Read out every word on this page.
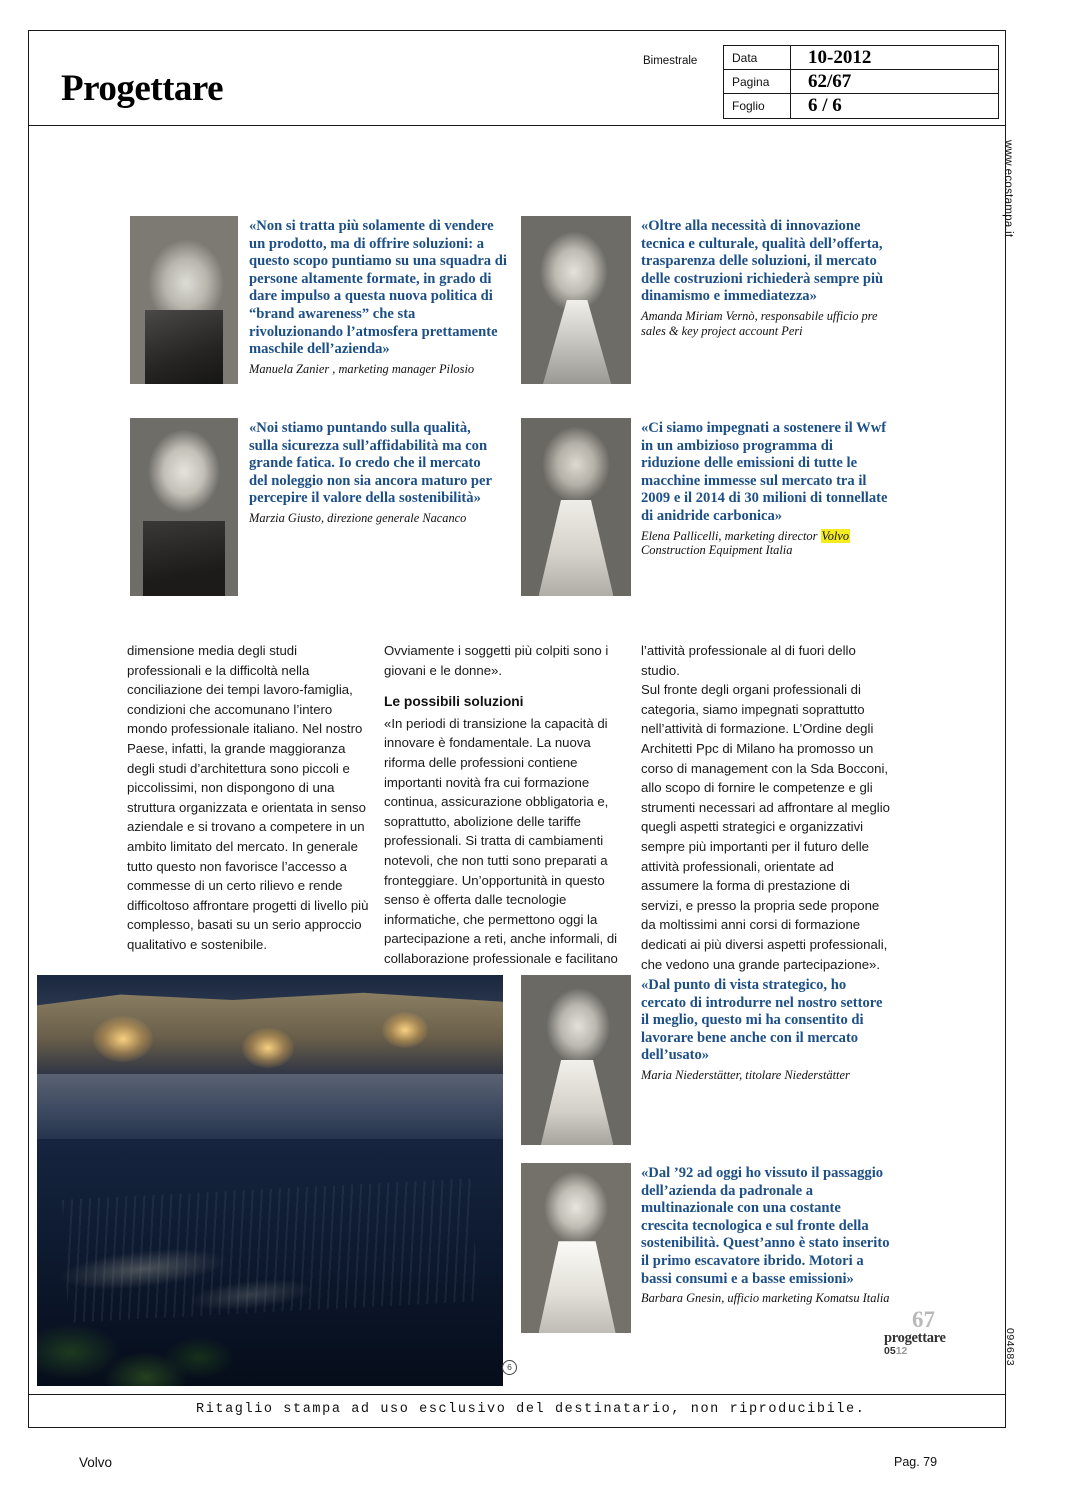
Progettare
Bimestrale	Data	10-2012
Pagina 62/67
Foglio 6 / 6
www.ecostampa.it
094683
«Non si tratta più solamente di vendere un prodotto, ma di offrire soluzioni: a questo scopo puntiamo su una squadra di persone altamente formate, in grado di dare impulso a questa nuova politica di “brand awareness” che sta rivoluzionando l’atmosfera prettamente maschile dell’azienda»
Manuela Zanier , marketing manager Pilosio
«Oltre alla necessità di innovazione tecnica e culturale, qualità dell’offerta, trasparenza delle soluzioni, il mercato delle costruzioni richiederà sempre più dinamismo e immediatezza»
Amanda Miriam Vernò, responsabile ufficio pre sales & key project account Peri
«Noi stiamo puntando sulla qualità, sulla sicurezza sull’affidabilità ma con grande fatica. Io credo che il mercato del noleggio non sia ancora maturo per percepire il valore della sostenibilità»
Marzia Giusto, direzione generale Nacanco
«Ci siamo impegnati a sostenere il Wwf in un ambizioso programma di riduzione delle emissioni di tutte le macchine immesse sul mercato tra il 2009 e il 2014 di 30 milioni di tonnellate di anidride carbonica»
Elena Pallicelli, marketing director Volvo Construction Equipment Italia
«Dal punto di vista strategico, ho cercato di introdurre nel nostro settore il meglio, questo mi ha consentito di lavorare bene anche con il mercato dell’usato»
Maria Niederstätter, titolare Niederstätter
«Dal ’92 ad oggi ho vissuto il passaggio dell’azienda da padronale a multinazionale con una costante crescita tecnologica e sul fronte della sostenibilità. Quest’anno è stato inserito il primo escavatore ibrido. Motori a bassi consumi e a basse emissioni»
Barbara Gnesin, ufficio marketing Komatsu Italia

dimensione media degli studi professionali e la difficoltà nella conciliazione dei tempi lavoro-famiglia, condizioni che accomunano l’intero mondo professionale italiano. Nel nostro Paese, infatti, la grande maggioranza degli studi d’architettura sono piccoli e piccolissimi, non dispongono di una struttura organizzata e orientata in senso aziendale e si trovano a competere in un ambito limitato del mercato. In generale tutto questo non favorisce l’accesso a commesse di un certo rilievo e rende difficoltoso affrontare progetti di livello più complesso, basati su un serio approccio qualitativo e sostenibile.

Ovviamente i soggetti più colpiti sono i giovani e le donne».

Le possibili soluzioni

«In periodi di transizione la capacità di innovare è fondamentale. La nuova riforma delle professioni contiene importanti novità fra cui formazione continua, assicurazione obbligatoria e, soprattutto, abolizione delle tariffe professionali. Si tratta di cambiamenti notevoli, che non tutti sono preparati a fronteggiare. Un’opportunità in questo senso è offerta dalle tecnologie informatiche, che permettono oggi la partecipazione a reti, anche informali, di collaborazione professionale e facilitano

l’attività professionale al di fuori dello studio.
Sul fronte degli organi professionali di categoria, siamo impegnati soprattutto nell’attività di formazione. L’Ordine degli Architetti Ppc di Milano ha promosso un corso di management con la Sda Bocconi, allo scopo di fornire le competenze e gli strumenti necessari ad affrontare al meglio quegli aspetti strategici e organizzativi sempre più importanti per il futuro delle attività professionali, orientate ad assumere la forma di prestazione di servizi, e presso la propria sede propone da moltissimi anni corsi di formazione dedicati ai più diversi aspetti professionali, che vedono una grande partecipazione».

6
67
progettare
0512
Ritaglio stampa ad uso esclusivo del destinatario, non riproducibile.
Volvo	Pag. 79
